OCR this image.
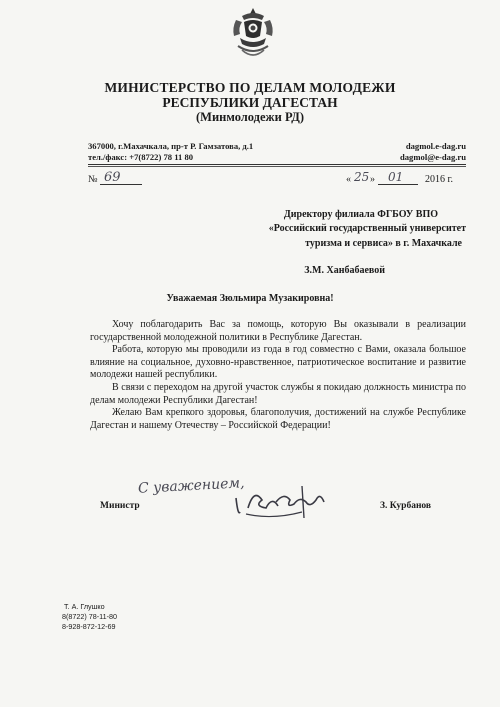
МИНИСТЕРСТВО ПО ДЕЛАМ МОЛОДЕЖИ
РЕСПУБЛИКИ ДАГЕСТАН
(Минмолодежи РД)
367000, г.Махачкала, пр-т Р. Гамзатова, д.1
тел./факс: +7(8722) 78 11 80
dagmol.e-dag.ru
dagmol@e-dag.ru
№ 69	« 25 » 01 2016 г.
Директору филиала ФГБОУ ВПО
«Российский государственный университет
туризма и сервиса» в г. Махачкале
З.М. Ханбабаевой
Уважаемая Зюльмира Музакировна!

Хочу поблагодарить Вас за помощь, которую Вы оказывали в реализации государственной молодежной политики в Республике Дагестан.

Работа, которую мы проводили из года в год совместно с Вами, оказала большое влияние на социальное, духовно-нравственное, патриотическое воспитание и развитие молодежи нашей республики.

В связи с переходом на другой участок службы я покидаю должность министра по делам молодежи Республики Дагестан!

Желаю Вам крепкого здоровья, благополучия, достижений на службе Республике Дагестан и нашему Отечеству – Российской Федерации!

Министр
С уважением,
З. Курбанов
Т. А. Глушко
8(8722) 78-11-80
8-928-872-12-69
